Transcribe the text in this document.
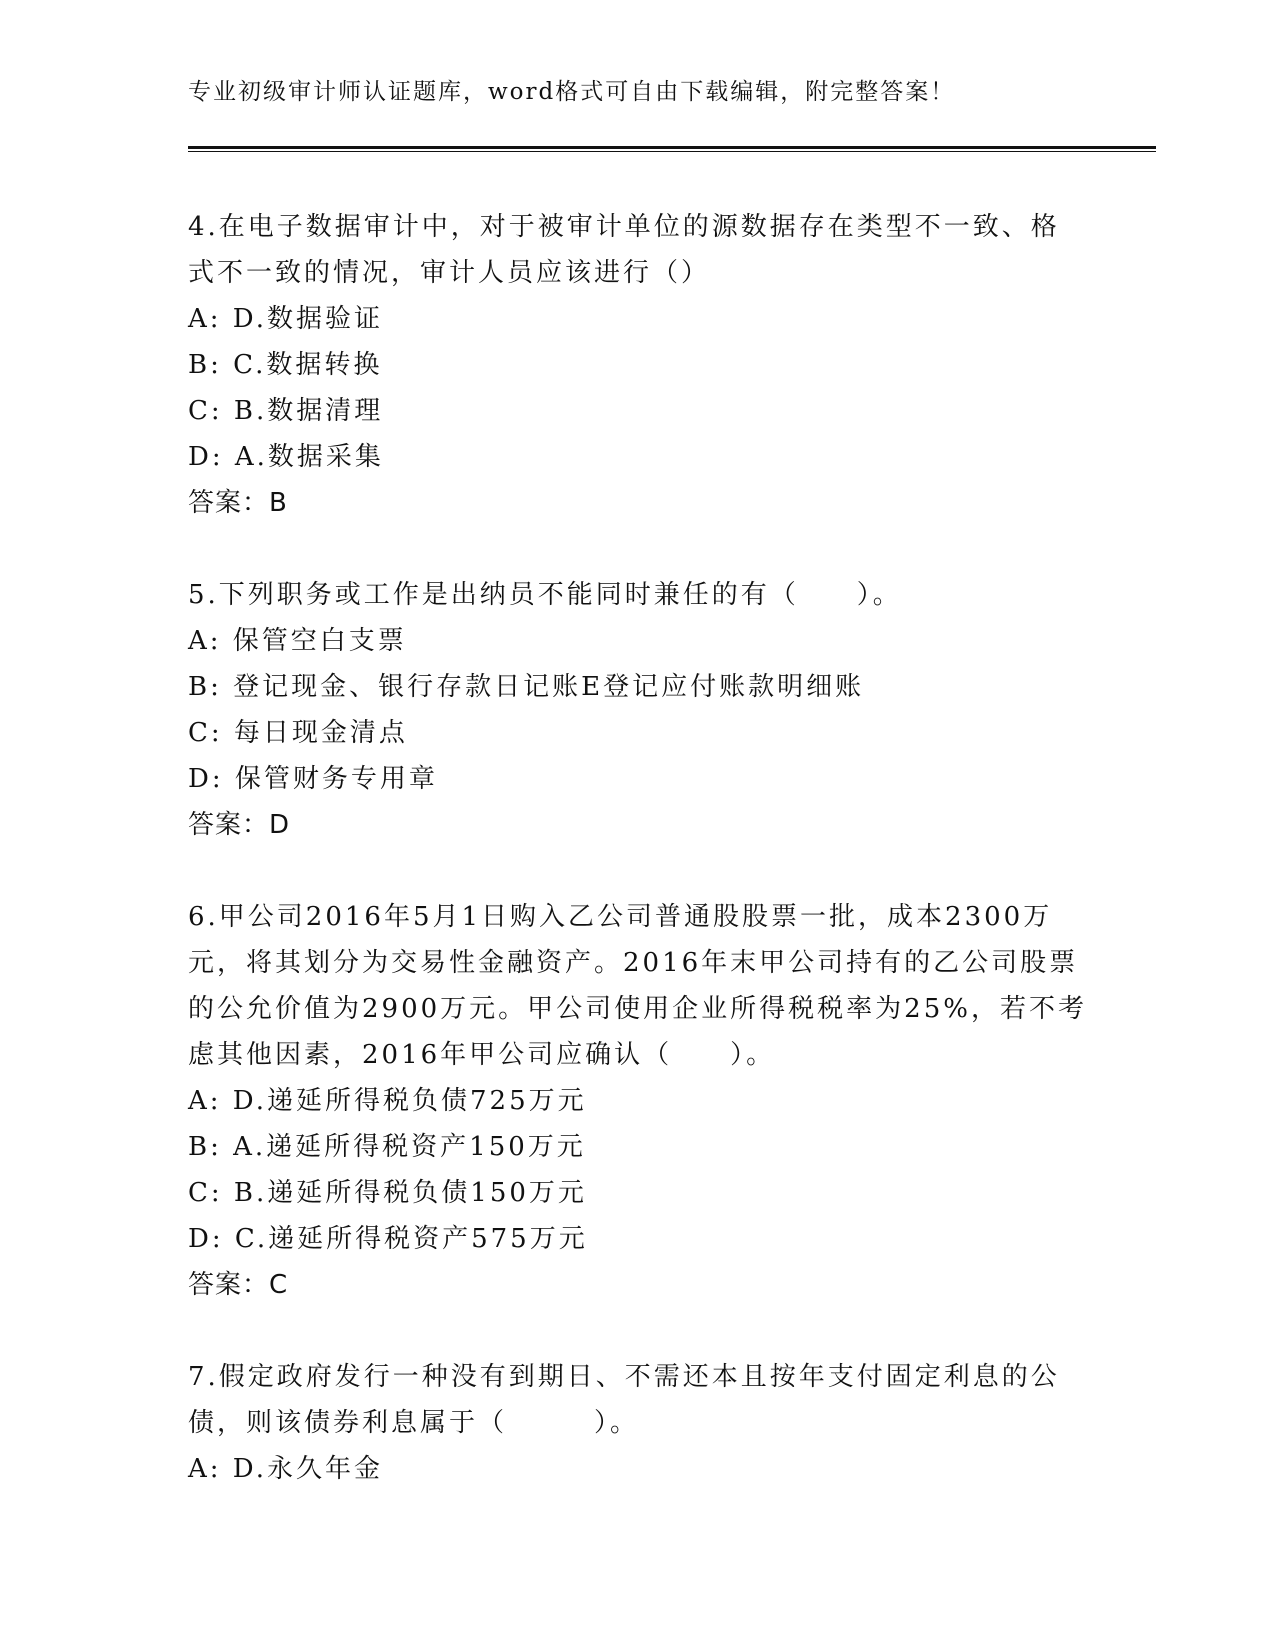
专业初级审计师认证题库，word格式可自由下载编辑，附完整答案！
4.在电子数据审计中，对于被审计单位的源数据存在类型不一致、格
式不一致的情况，审计人员应该进行（）
A: D.数据验证
B: C.数据转换
C: B.数据清理
D: A.数据采集
答案：B
5.下列职务或工作是出纳员不能同时兼任的有（　　）。
A: 保管空白支票
B: 登记现金、银行存款日记账E登记应付账款明细账
C: 每日现金清点
D: 保管财务专用章
答案：D
6.甲公司2016年5月1日购入乙公司普通股股票一批，成本2300万
元，将其划分为交易性金融资产。2016年末甲公司持有的乙公司股票
的公允价值为2900万元。甲公司使用企业所得税税率为25%，若不考
虑其他因素，2016年甲公司应确认（　　）。
A: D.递延所得税负债725万元
B: A.递延所得税资产150万元
C: B.递延所得税负债150万元
D: C.递延所得税资产575万元
答案：C
7.假定政府发行一种没有到期日、不需还本且按年支付固定利息的公
债，则该债券利息属于（　　　）。
A: D.永久年金
